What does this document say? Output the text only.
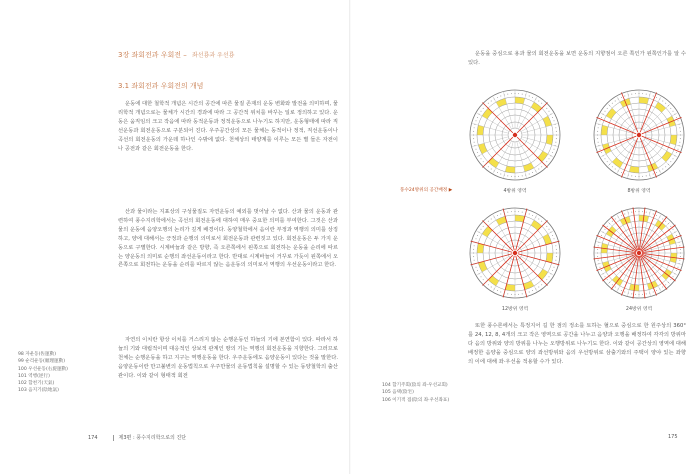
3장 좌회전과 우회전 – 좌선룡과 우선룡
3.1 좌회전과 우회전의 개념
운동에 대한 철학적 개념은 시간의 공간에 따른 물질 존재의 운동 변화와 발전을 의미하며, 물리학적 개념으로는 물체가 시간의 경과에 따라 그 공간적 위치를 바꾸는 일로 정의하고 있다. 운동은 움직임의 크고 작음에 따라 동적운동과 정적운동으로 나누기도 하지만, 운동형태에 따라 직선운동과 회전운동으로 구분되어 진다. 우주공간상의 모든 물체는 동적이나 정적, 직선운동이나 곡선의 회전운동의 가운데 하나인 수밖에 없다. 천체상의 태양계를 이루는 모든 별 들은 자전이나 공전과 같은 회전운동을 한다.
산과 물이라는 지표상의 구성물질도 자연운동의 예외를 벗어날 수 없다. 산과 물의 운동과 관련하여 풍수지리학에서는 곡선의 회전운동에 대하여 매우 중요한 의미를 부여한다. 그것은 산과 물의 운동에 음양오행의 논리가 깊게 배경이다. 동양철학에서 음이란 부정과 역행의 의미를 상징하고, 양에 대해서는 긍정과 순행의 의미로서 회전운동과 관련짓고 있다. 회전운동은 두 가지 운동으로 구별한다. 시계바늘과 같은 방향, 즉 오른쪽에서 왼쪽으로 회전하는 운동을 순리에 따르는 양운동의 의미로 순행의 좌선운동이라고 한다. 반대로 시계바늘이 거꾸로 가듯이 왼쪽에서 오른쪽으로 회전하는 운동을 순리를 따르지 않는 음운동의 의미로서 역행의 우선운동이라고 한다.
자연의 이치란 항상 이치를 거스리지 않는 순행운동인 하늘의 기에 본연함이 있다. 따라서 하늘의 기와 대립적이며 대응적인 상보적 관계인 땅의 기는 역행의 회전운동을 지향한다. 그러므로 천체는 순행운동을 하고 지구는 역행운동을 한다. 우주운동에도 음양운동이 있다는 것을 말한다. 음양운동이란 만고불변의 운동법칙으로 우주만물의 운동법칙을 설명할 수 있는 동양철학의 출산관이다. 이와 같이 형태적 회전
98 자운동(佐運動)
99 순리운동(順理運動)
100 우선운동(右旋運動)
101 역행(逆行)
102 합천기(天氣)
103 음지기(陰地氣)
174	제3편 : 풍수지리학으로의 진단
운동을 중심으로 용과 물의 회전운동을 보면 운동의 지향점이 오른 쪽인가 왼쪽인가를 알 수 있다.
풍수24방위의 공간배정 ▶	4방위 영역	8방위 영역
12방위 영역	24방위 영역
또한 풍수론에서는 특정지어 길 한 점의 정소를 토하는 혈으로 중심으로 한 원주상의 360°를 24, 12, 8, 4개의 크고 작은 영역으로 공간을 나누고 음양과 오행을 배정하여 각각의 방위마다 음의 방위와 양의 방위를 나누는 오행방위로 나누기도 한다. 이와 같이 공간상의 영역에 대해 배정한 음양을 중심으로 양의 좌선방위와 음의 우선방위로 삼출기와의 주택이 양야 있는 좌향의 이에 대해 좌·우선을 적용할 수가 있다.
104 합기주회(陰의 좌·우선교회)
105 음택(陰宅)
106 이기적 접(陰의 좌·우선좌표)
175
